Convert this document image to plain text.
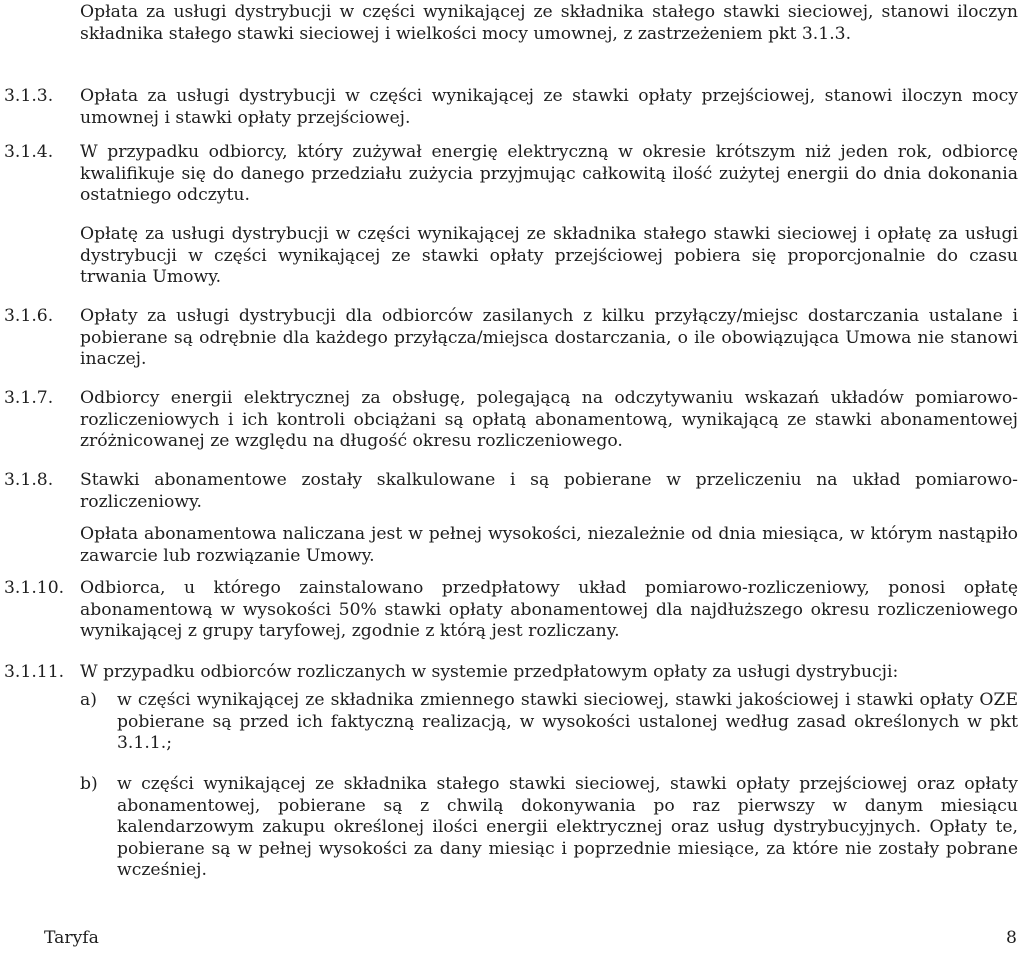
Opłata za usługi dystrybucji w części wynikającej ze składnika stałego stawki sieciowej, stanowi iloczyn składnika stałego stawki sieciowej i wielkości mocy umownej, z zastrzeżeniem pkt 3.1.3.
3.1.3. Opłata za usługi dystrybucji w części wynikającej ze stawki opłaty przejściowej, stanowi iloczyn mocy umownej i stawki opłaty przejściowej.
3.1.4. W przypadku odbiorcy, który zużywał energię elektryczną w okresie krótszym niż jeden rok, odbiorcę kwalifikuje się do danego przedziału zużycia przyjmując całkowitą ilość zużytej energii do dnia dokonania ostatniego odczytu.
Opłatę za usługi dystrybucji w części wynikającej ze składnika stałego stawki sieciowej i opłatę za usługi dystrybucji w części wynikającej ze stawki opłaty przejściowej pobiera się proporcjonalnie do czasu trwania Umowy.
3.1.6. Opłaty za usługi dystrybucji dla odbiorców zasilanych z kilku przyłączy/miejsc dostarczania ustalane i pobierane są odrębnie dla każdego przyłącza/miejsca dostarczania, o ile obowiązująca Umowa nie stanowi inaczej.
3.1.7. Odbiorcy energii elektrycznej za obsługę, polegającą na odczytywaniu wskazań układów pomiarowo-rozliczeniowych i ich kontroli obciążani są opłatą abonamentową, wynikającą ze stawki abonamentowej zróżnicowanej ze względu na długość okresu rozliczeniowego.
3.1.8. Stawki abonamentowe zostały skalkulowane i są pobierane w przeliczeniu na układ pomiarowo-rozliczeniowy.
Opłata abonamentowa naliczana jest w pełnej wysokości, niezależnie od dnia miesiąca, w którym nastąpiło zawarcie lub rozwiązanie Umowy.
3.1.10. Odbiorca, u którego zainstalowano przedpłatowy układ pomiarowo-rozliczeniowy, ponosi opłatę abonamentową w wysokości 50% stawki opłaty abonamentowej dla najdłuższego okresu rozliczeniowego wynikającej z grupy taryfowej, zgodnie z którą jest rozliczany.
3.1.11. W przypadku odbiorców rozliczanych w systemie przedpłatowym opłaty za usługi dystrybucji:
a) w części wynikającej ze składnika zmiennego stawki sieciowej, stawki jakościowej i stawki opłaty OZE pobierane są przed ich faktyczną realizacją, w wysokości ustalonej według zasad określonych w pkt 3.1.1.;
b) w części wynikającej ze składnika stałego stawki sieciowej, stawki opłaty przejściowej oraz opłaty abonamentowej, pobierane są z chwilą dokonywania po raz pierwszy w danym miesiącu kalendarzowym zakupu określonej ilości energii elektrycznej oraz usług dystrybucyjnych. Opłaty te, pobierane są w pełnej wysokości za dany miesiąc i poprzednie miesiące, za które nie zostały pobrane wcześniej.
Taryfa	8
